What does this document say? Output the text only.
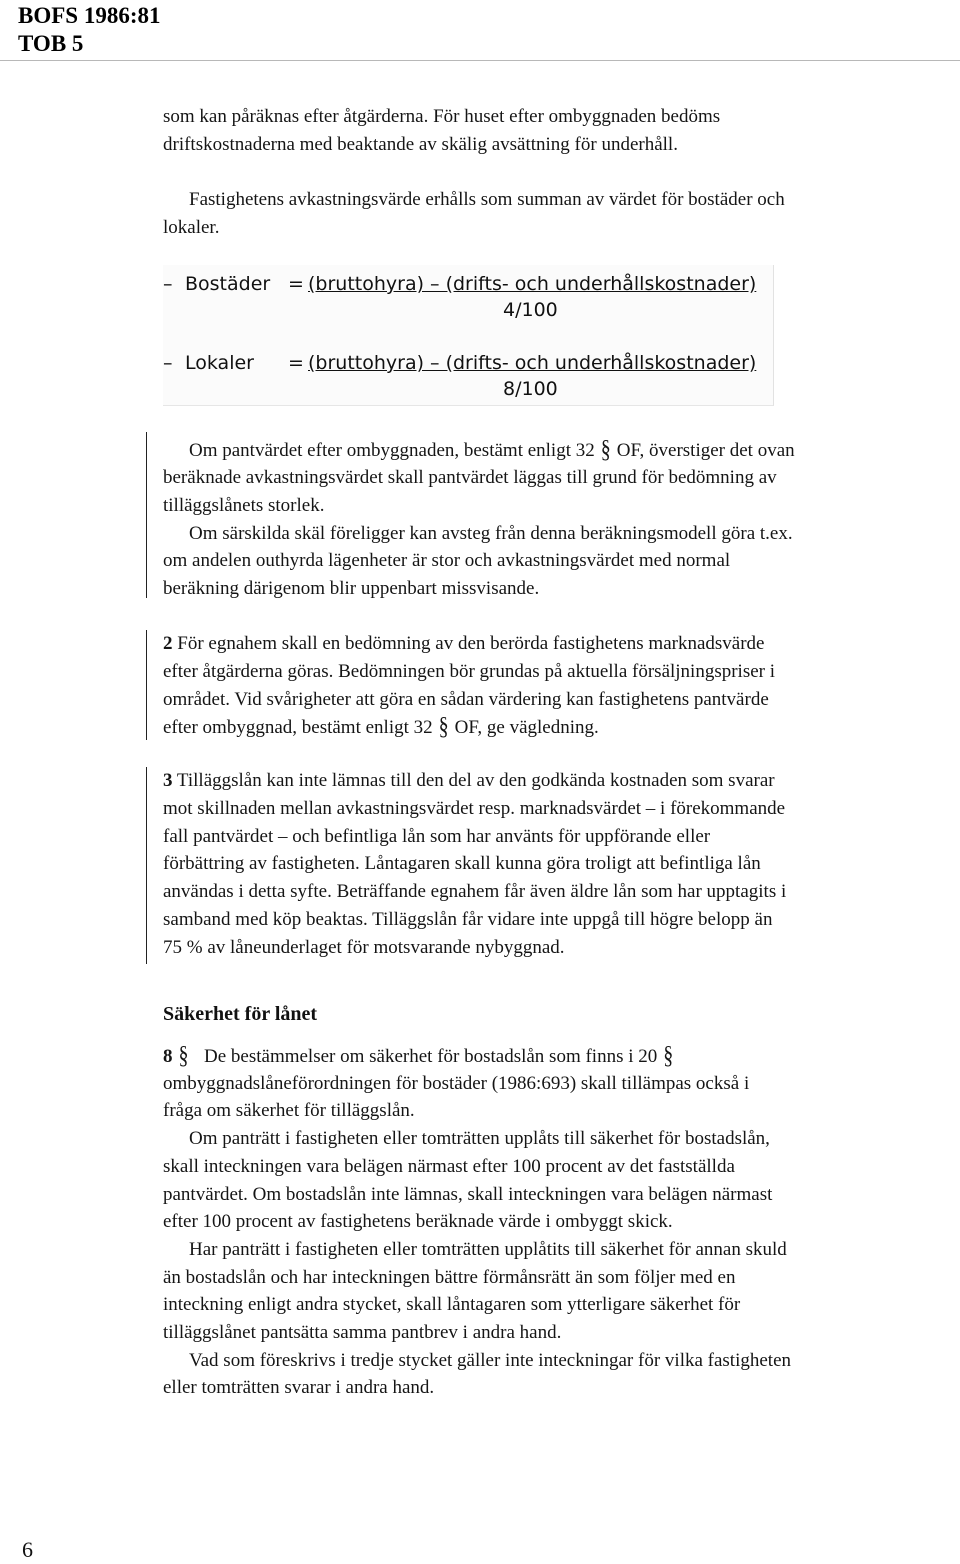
BOFS 1986:81

TOB 5

som kan påräknas efter åtgärderna. För huset efter ombyggnaden bedöms

driftskostnaderna med beaktande av skälig avsättning för underhåll.

Fastighetens avkastningsvärde erhålls som summan av värdet för bostäder och

lokaler.

– Bostäder = (bruttohyra) – (drifts- och underhållskostnader)
4/100
– Lokaler = (bruttohyra) – (drifts- och underhållskostnader)
8/100

Om pantvärdet efter ombyggnaden, bestämt enligt 32 § OF, överstiger det ovan

beräknade avkastningsvärdet skall pantvärdet läggas till grund för bedömning av

tilläggslånets storlek.

Om särskilda skäl föreligger kan avsteg från denna beräkningsmodell göra t.ex.

om andelen outhyrda lägenheter är stor och avkastningsvärdet med normal

beräkning därigenom blir uppenbart missvisande.

2 För egnahem skall en bedömning av den berörda fastighetens marknadsvärde

efter åtgärderna göras. Bedömningen bör grundas på aktuella försäljningspriser i

området. Vid svårigheter att göra en sådan värdering kan fastighetens pantvärde

efter ombyggnad, bestämt enligt 32 § OF, ge vägledning.

3 Tilläggslån kan inte lämnas till den del av den godkända kostnaden som svarar

mot skillnaden mellan avkastningsvärdet resp. marknadsvärdet – i förekommande

fall pantvärdet – och befintliga lån som har använts för uppförande eller

förbättring av fastigheten. Låntagaren skall kunna göra troligt att befintliga lån

användas i detta syfte. Beträffande egnahem får även äldre lån som har upptagits i

samband med köp beaktas. Tilläggslån får vidare inte uppgå till högre belopp än

75 % av låneunderlaget för motsvarande nybyggnad.

Säkerhet för lånet

8 § De bestämmelser om säkerhet för bostadslån som finns i 20 §

ombyggnadslåneförordningen för bostäder (1986:693) skall tillämpas också i

fråga om säkerhet för tilläggslån.

Om panträtt i fastigheten eller tomträtten upplåts till säkerhet för bostadslån,

skall inteckningen vara belägen närmast efter 100 procent av det fastställda

pantvärdet. Om bostadslån inte lämnas, skall inteckningen vara belägen närmast

efter 100 procent av fastighetens beräknade värde i ombyggt skick.

Har panträtt i fastigheten eller tomträtten upplåtits till säkerhet för annan skuld

än bostadslån och har inteckningen bättre förmånsrätt än som följer med en

inteckning enligt andra stycket, skall låntagaren som ytterligare säkerhet för

tilläggslånet pantsätta samma pantbrev i andra hand.

Vad som föreskrivs i tredje stycket gäller inte inteckningar för vilka fastigheten

eller tomträtten svarar i andra hand.

6
